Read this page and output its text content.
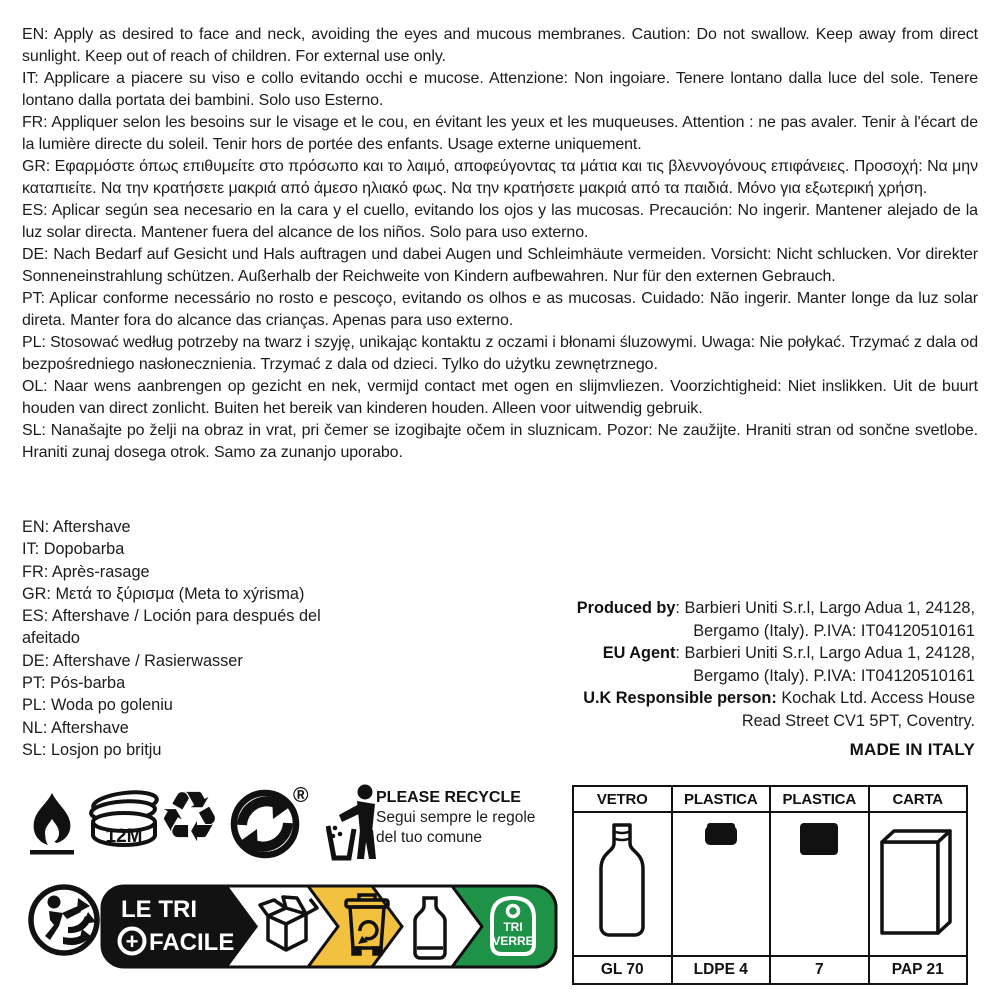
EN: Apply as desired to face and neck, avoiding the eyes and mucous membranes. Caution: Do not swallow. Keep away from direct sunlight. Keep out of reach of children. For external use only.

IT: Applicare a piacere su viso e collo evitando occhi e mucose. Attenzione: Non ingoiare. Tenere lontano dalla luce del sole. Tenere lontano dalla portata dei bambini. Solo uso Esterno.

FR: Appliquer selon les besoins sur le visage et le cou, en évitant les yeux et les muqueuses. Attention : ne pas avaler. Tenir à l'écart de la lumière directe du soleil. Tenir hors de portée des enfants. Usage externe uniquement.

GR: Εφαρμόστε όπως επιθυμείτε στο πρόσωπο και το λαιμό, αποφεύγοντας τα μάτια και τις βλεννογόνους επιφάνειες. Προσοχή: Να μην καταπιείτε. Να την κρατήσετε μακριά από άμεσο ηλιακό φως. Να την κρατήσετε μακριά από τα παιδιά. Μόνο για εξωτερική χρήση.

ES: Aplicar según sea necesario en la cara y el cuello, evitando los ojos y las mucosas. Precaución: No ingerir. Mantener alejado de la luz solar directa. Mantener fuera del alcance de los niños. Solo para uso externo.

DE: Nach Bedarf auf Gesicht und Hals auftragen und dabei Augen und Schleimhäute vermeiden. Vorsicht: Nicht schlucken. Vor direkter Sonneneinstrahlung schützen. Außerhalb der Reichweite von Kindern aufbewahren. Nur für den externen Gebrauch.

PT: Aplicar conforme necessário no rosto e pescoço, evitando os olhos e as mucosas. Cuidado: Não ingerir. Manter longe da luz solar direta. Manter fora do alcance das crianças. Apenas para uso externo.

PL: Stosować według potrzeby na twarz i szyję, unikając kontaktu z oczami i błonami śluzowymi. Uwaga: Nie połykać. Trzymać z dala od bezpośredniego nasłonecznienia. Trzymać z dala od dzieci. Tylko do użytku zewnętrznego.

OL: Naar wens aanbrengen op gezicht en nek, vermijd contact met ogen en slijmvliezen. Voorzichtigheid: Niet inslikken. Uit de buurt houden van direct zonlicht. Buiten het bereik van kinderen houden. Alleen voor uitwendig gebruik.

SL: Nanašajte po želji na obraz in vrat, pri čemer se izogibajte očem in sluznicam. Pozor: Ne zaužijte. Hraniti stran od sončne svetlobe. Hraniti zunaj dosega otrok. Samo za zunanjo uporabo.

EN: Aftershave
IT: Dopobarba
FR: Après-rasage
GR: Μετά το ξύρισμα (Meta to xýrisma)
ES: Aftershave / Loción para después del afeitado
DE: Aftershave / Rasierwasser
PT: Pós-barba
PL: Woda po goleniu
NL: Aftershave
SL: Losjon po britju
Produced by: Barbieri Uniti S.r.l, Largo Adua 1, 24128,
Bergamo (Italy). P.IVA: IT04120510161
EU Agent: Barbieri Uniti S.r.l, Largo Adua 1, 24128,
Bergamo (Italy). P.IVA: IT04120510161
U.K Responsible person: Kochak Ltd. Access House
Read Street CV1 5PT, Coventry.
MADE IN ITALY
12M ♻	®	PLEASE RECYCLE
Segui sempre le regole
del tuo comune
LE TRI
+ FACILE
TRI
VERRE
VETRO	PLASTICA	PLASTICA	CARTA

GL 70	LDPE 4	7	PAP 21
